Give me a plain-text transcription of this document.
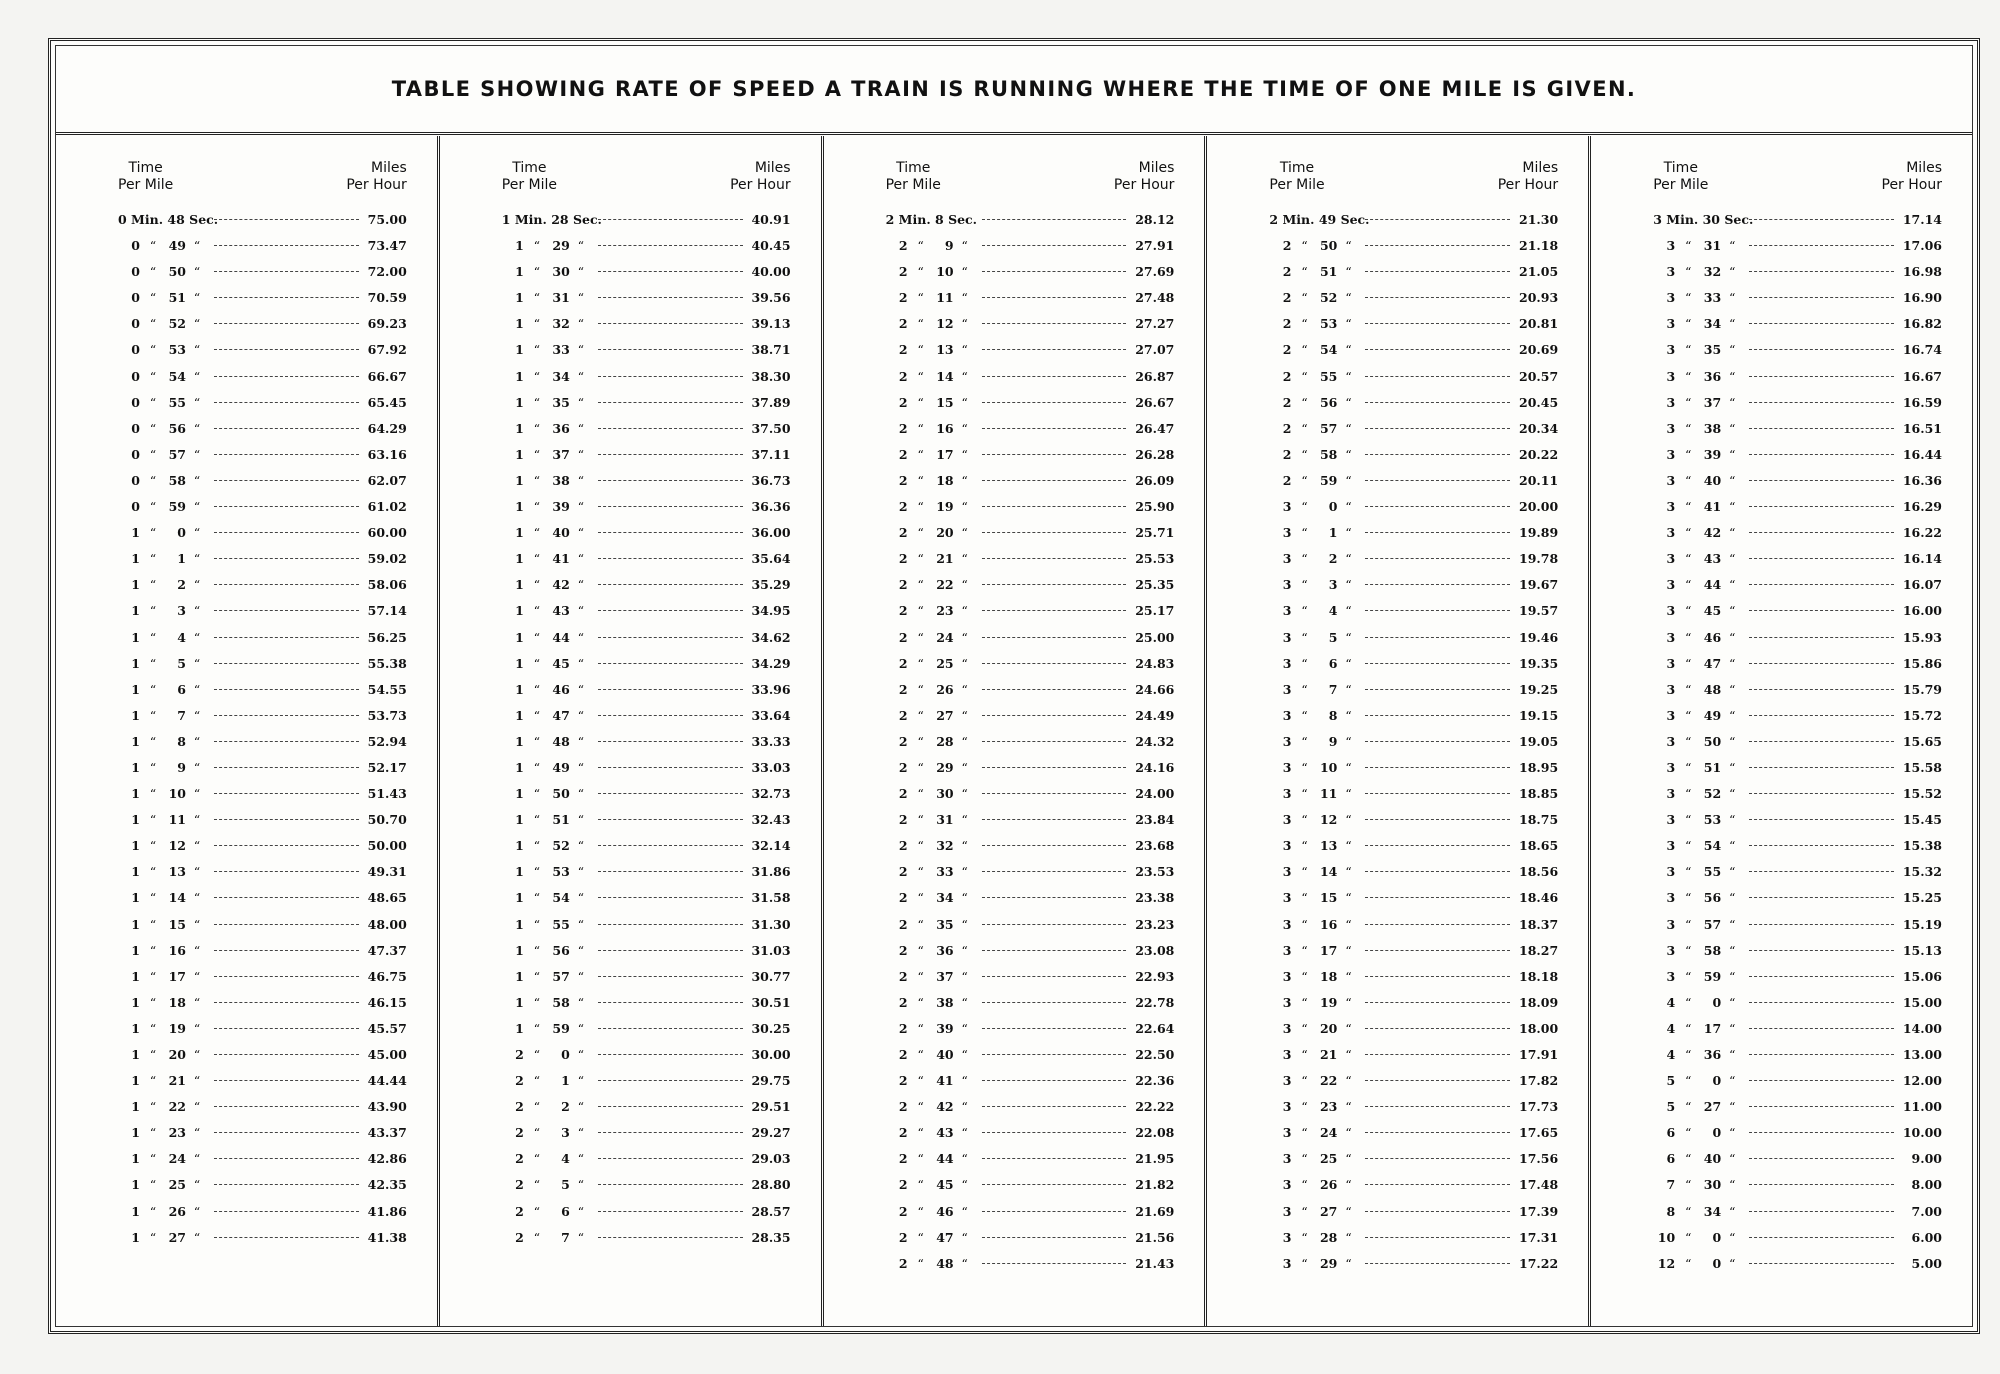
TABLE SHOWING RATE OF SPEED A TRAIN IS RUNNING WHERE THE TIME OF ONE MILE IS GIVEN.
Time
Per Mile
Miles
Per Hour
0 Min. 48 Sec.	75.00
0 “ 49 “	73.47
0 “ 50 “	72.00
0 “ 51 “	70.59
0 “ 52 “	69.23
0 “ 53 “	67.92
0 “ 54 “	66.67
0 “ 55 “	65.45
0 “ 56 “	64.29
0 “ 57 “	63.16
0 “ 58 “	62.07
0 “ 59 “	61.02
1 “	0 “	60.00
1 “	1 “	59.02
1 “	2 “	58.06
1 “	3 “	57.14
1 “	4 “	56.25
1 “	5 “	55.38
1 “	6 “	54.55
1 “	7 “	53.73
1 “	8 “	52.94
1 “	9 “	52.17
1 “ 10 “	51.43
1 “ 11 “	50.70
1 “ 12 “	50.00
1 “ 13 “	49.31
1 “ 14 “	48.65
1 “ 15 “	48.00
1 “ 16 “	47.37
1 “ 17 “	46.75
1 “ 18 “	46.15
1 “ 19 “	45.57
1 “ 20 “	45.00
1 “ 21 “	44.44
1 “ 22 “	43.90
1 “ 23 “	43.37
1 “ 24 “	42.86
1 “ 25 “	42.35
1 “ 26 “	41.86
1 “ 27 “	41.38
Time
Per Mile
Miles
Per Hour
1 Min. 28 Sec.	40.91
1 “ 29 “	40.45
1 “ 30 “	40.00
1 “ 31 “	39.56
1 “ 32 “	39.13
1 “ 33 “	38.71
1 “ 34 “	38.30
1 “ 35 “	37.89
1 “ 36 “	37.50
1 “ 37 “	37.11
1 “ 38 “	36.73
1 “ 39 “	36.36
1 “ 40 “	36.00
1 “ 41 “	35.64
1 “ 42 “	35.29
1 “ 43 “	34.95
1 “ 44 “	34.62
1 “ 45 “	34.29
1 “ 46 “	33.96
1 “ 47 “	33.64
1 “ 48 “	33.33
1 “ 49 “	33.03
1 “ 50 “	32.73
1 “ 51 “	32.43
1 “ 52 “	32.14
1 “ 53 “	31.86
1 “ 54 “	31.58
1 “ 55 “	31.30
1 “ 56 “	31.03
1 “ 57 “	30.77
1 “ 58 “	30.51
1 “ 59 “	30.25
2 “	0 “	30.00
2 “	1 “	29.75
2 “	2 “	29.51
2 “	3 “	29.27
2 “	4 “	29.03
2 “	5 “	28.80
2 “	6 “	28.57
2 “	7 “	28.35
Time
Per Mile
Miles
Per Hour
2 Min. 8 Sec.	28.12
2 “	9 “	27.91
2 “ 10 “	27.69
2 “ 11 “	27.48
2 “ 12 “	27.27
2 “ 13 “	27.07
2 “ 14 “	26.87
2 “ 15 “	26.67
2 “ 16 “	26.47
2 “ 17 “	26.28
2 “ 18 “	26.09
2 “ 19 “	25.90
2 “ 20 “	25.71
2 “ 21 “	25.53
2 “ 22 “	25.35
2 “ 23 “	25.17
2 “ 24 “	25.00
2 “ 25 “	24.83
2 “ 26 “	24.66
2 “ 27 “	24.49
2 “ 28 “	24.32
2 “ 29 “	24.16
2 “ 30 “	24.00
2 “ 31 “	23.84
2 “ 32 “	23.68
2 “ 33 “	23.53
2 “ 34 “	23.38
2 “ 35 “	23.23
2 “ 36 “	23.08
2 “ 37 “	22.93
2 “ 38 “	22.78
2 “ 39 “	22.64
2 “ 40 “	22.50
2 “ 41 “	22.36
2 “ 42 “	22.22
2 “ 43 “	22.08
2 “ 44 “	21.95
2 “ 45 “	21.82
2 “ 46 “	21.69
2 “ 47 “	21.56
2 “ 48 “	21.43
Time
Per Mile
Miles
Per Hour
2 Min. 49 Sec.	21.30
2 “ 50 “	21.18
2 “ 51 “	21.05
2 “ 52 “	20.93
2 “ 53 “	20.81
2 “ 54 “	20.69
2 “ 55 “	20.57
2 “ 56 “	20.45
2 “ 57 “	20.34
2 “ 58 “	20.22
2 “ 59 “	20.11
3 “	0 “	20.00
3 “	1 “	19.89
3 “	2 “	19.78
3 “	3 “	19.67
3 “	4 “	19.57
3 “	5 “	19.46
3 “	6 “	19.35
3 “	7 “	19.25
3 “	8 “	19.15
3 “	9 “	19.05
3 “ 10 “	18.95
3 “ 11 “	18.85
3 “ 12 “	18.75
3 “ 13 “	18.65
3 “ 14 “	18.56
3 “ 15 “	18.46
3 “ 16 “	18.37
3 “ 17 “	18.27
3 “ 18 “	18.18
3 “ 19 “	18.09
3 “ 20 “	18.00
3 “ 21 “	17.91
3 “ 22 “	17.82
3 “ 23 “	17.73
3 “ 24 “	17.65
3 “ 25 “	17.56
3 “ 26 “	17.48
3 “ 27 “	17.39
3 “ 28 “	17.31
3 “ 29 “	17.22
Time
Per Mile
Miles
Per Hour
3 Min. 30 Sec.	17.14
3 “ 31 “	17.06
3 “ 32 “	16.98
3 “ 33 “	16.90
3 “ 34 “	16.82
3 “ 35 “	16.74
3 “ 36 “	16.67
3 “ 37 “	16.59
3 “ 38 “	16.51
3 “ 39 “	16.44
3 “ 40 “	16.36
3 “ 41 “	16.29
3 “ 42 “	16.22
3 “ 43 “	16.14
3 “ 44 “	16.07
3 “ 45 “	16.00
3 “ 46 “	15.93
3 “ 47 “	15.86
3 “ 48 “	15.79
3 “ 49 “	15.72
3 “ 50 “	15.65
3 “ 51 “	15.58
3 “ 52 “	15.52
3 “ 53 “	15.45
3 “ 54 “	15.38
3 “ 55 “	15.32
3 “ 56 “	15.25
3 “ 57 “	15.19
3 “ 58 “	15.13
3 “ 59 “	15.06
4 “	0 “	15.00
4 “ 17 “	14.00
4 “ 36 “	13.00
5 “	0 “	12.00
5 “ 27 “	11.00
6 “	0 “	10.00
6 “ 40 “	9.00
7 “ 30 “	8.00
8 “ 34 “	7.00
10 “	0 “	6.00
12 “	0 “	5.00
